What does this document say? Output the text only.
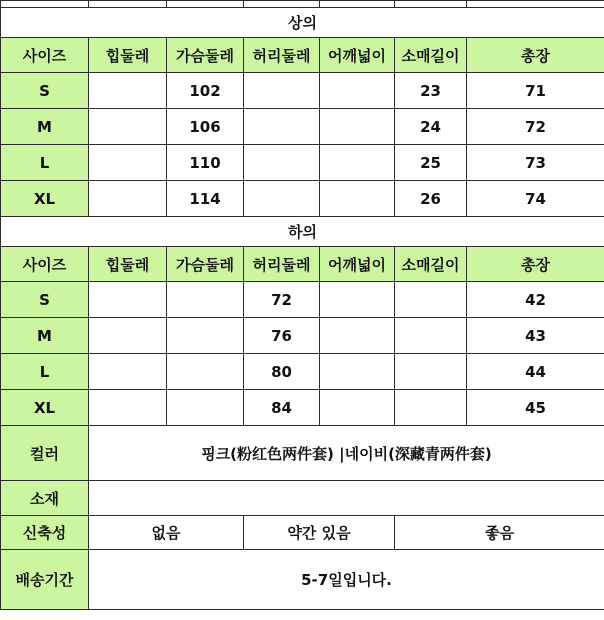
상의						
사이즈	힙둘레	가슴둘레	허리둘레	어깨넓이	소매길이	총장
S		102			23	71
M		106			24	72
L		110			25	73
XL		114			26	74
하의						
사이즈	힙둘레	가슴둘레	허리둘레	어깨넓이	소매길이	총장
S			72			42
M			76			43
L			80			44
XL			84			45
컬러	핑크(粉红色两件套) |네이비(深藏青两件套)					
소재						
신축성	없음		약간 있음		좋음	
배송기간	5-7일입니다.					
